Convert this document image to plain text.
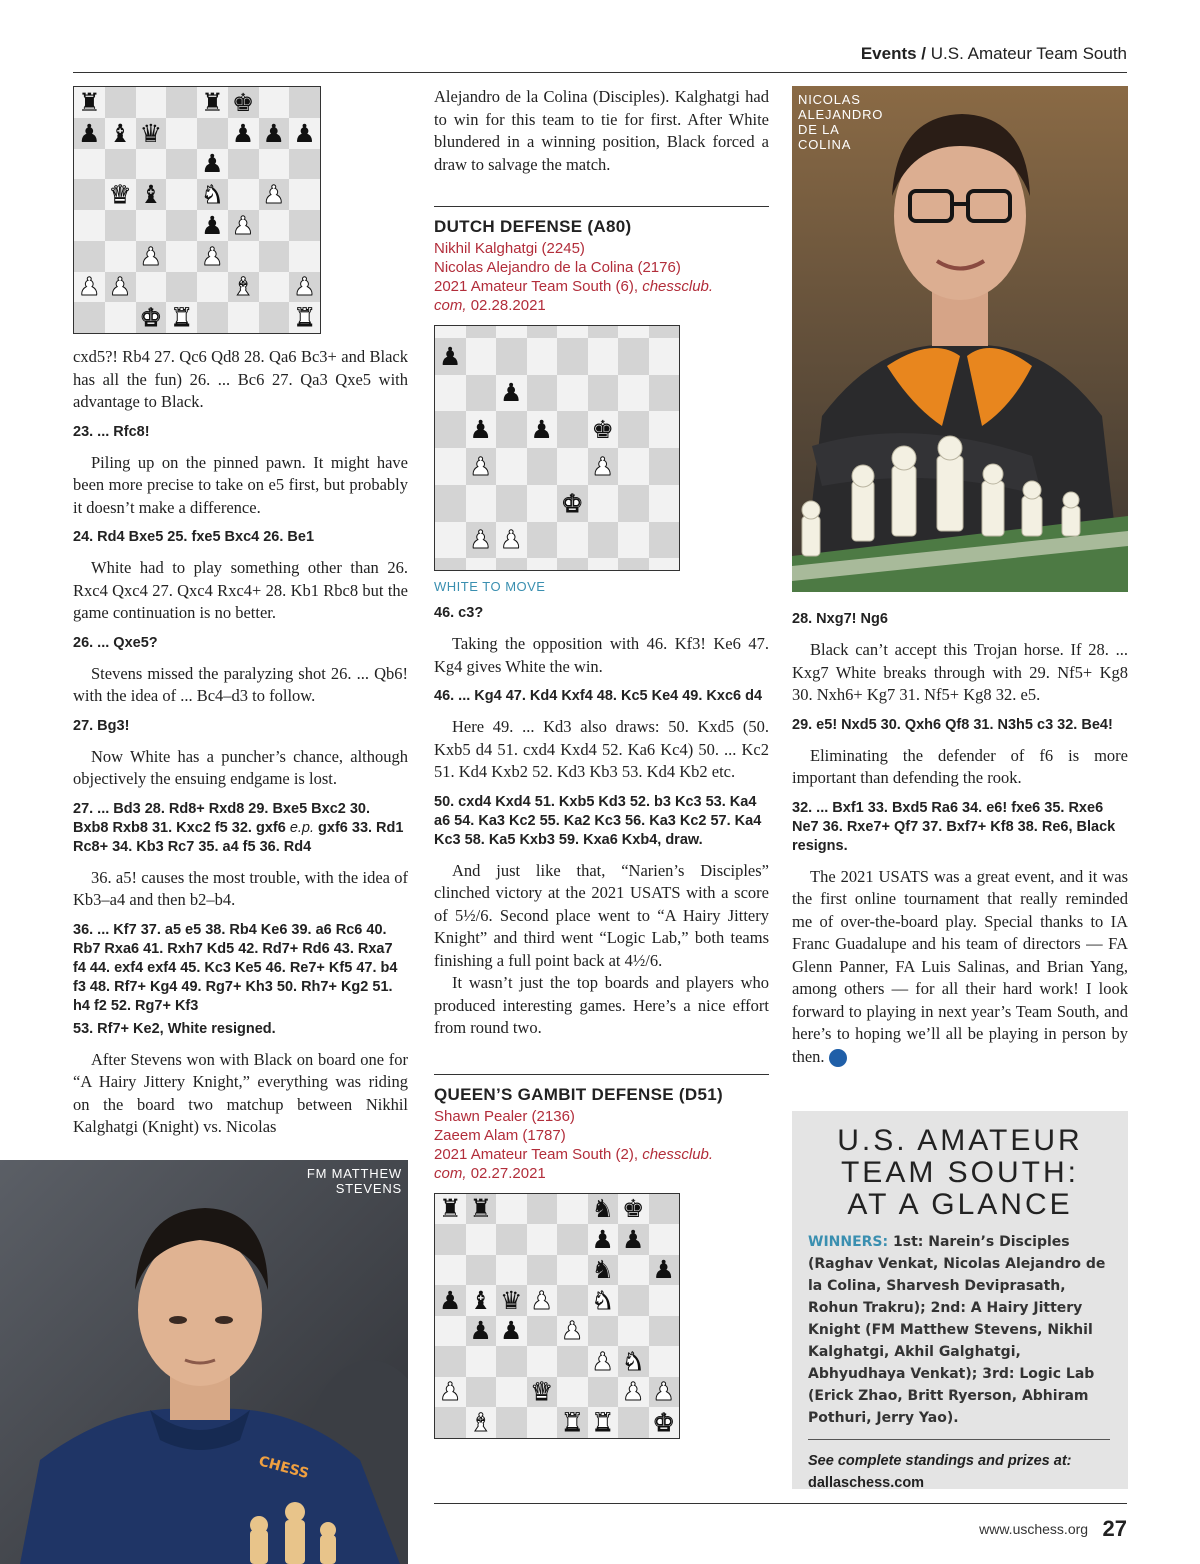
Events / U.S. Amateur Team South
♜	♜ ♚
♟ ♝ ♛	♟ ♟ ♟
♟
♛ ♝ ♞ ♟
♟ ♟
♟ ♟
♟ ♟	♝ ♟
♚ ♜	♜

cxd5?! Rb4 27. Qc6 Qd8 28. Qa6 Bc3+ and Black has all the fun) 26. ... Bc6 27. Qa3 Qxe5 with advantage to Black.

23. ... Rfc8!

Piling up on the pinned pawn. It might have been more precise to take on e5 first, but probably it doesn’t make a difference.

24. Rd4 Bxe5 25. fxe5 Bxc4 26. Be1

White had to play something other than 26. Rxc4 Qxc4 27. Qxc4 Rxc4+ 28. Kb1 Rbc8 but the game continuation is no better.

26. ... Qxe5?

Stevens missed the paralyzing shot 26. ... Qb6! with the idea of ... Bc4–d3 to follow.

27. Bg3!

Now White has a puncher’s chance, although objectively the ensuing endgame is lost.

27. ... Bd3 28. Rd8+ Rxd8 29. Bxe5 Bxc2 30. Bxb8 Rxb8 31. Kxc2 f5 32. gxf6 e.p. gxf6 33. Rd1 Rc8+ 34. Kb3 Rc7 35. a4 f5 36. Rd4

36. a5! causes the most trouble, with the idea of Kb3–a4 and then b2–b4.

36. ... Kf7 37. a5 e5 38. Rb4 Ke6 39. a6 Rc6 40. Rb7 Rxa6 41. Rxh7 Kd5 42. Rd7+ Rd6 43. Rxa7 f4 44. exf4 exf4 45. Kc3 Ke5 46. Re7+ Kf5 47. b4 f3 48. Rf7+ Kg4 49. Rg7+ Kh3 50. Rh7+ Kg2 51. h4 f2 52. Rg7+ Kf3

53. Rf7+ Ke2, White resigned.

After Stevens won with Black on board one for “A Hairy Jittery Knight,” everything was riding on the board two matchup between Nikhil Kalghatgi (Knight) vs. Nicolas

CHESS
FM MATTHEW
STEVENS

Alejandro de la Colina (Disciples). Kalghatgi had to win for this team to tie for first. After White blundered in a winning position, Black forced a draw to salvage the match.

DUTCH DEFENSE (A80)

Nikhil Kalghatgi (2245)
Nicolas Alejandro de la Colina (2176)
2021 Amateur Team South (6), chessclub.
com, 02.28.2021
♟
♟
♟ ♟ ♚
♟	♟
♚
♟ ♟
WHITE TO MOVE

46. c3?

Taking the opposition with 46. Kf3! Ke6 47. Kg4 gives White the win.

46. ... Kg4 47. Kd4 Kxf4 48. Kc5 Ke4 49. Kxc6 d4

Here 49. ... Kd3 also draws: 50. Kxd5 (50. Kxb5 d4 51. cxd4 Kxd4 52. Ka6 Kc4) 50. ... Kc2 51. Kd4 Kxb2 52. Kd3 Kb3 53. Kd4 Kb2 etc.

50. cxd4 Kxd4 51. Kxb5 Kd3 52. b3 Kc3 53. Ka4 a6 54. Ka3 Kc2 55. Ka2 Kc3 56. Ka3 Kc2 57. Ka4 Kc3 58. Ka5 Kxb3 59. Kxa6 Kxb4, draw.

And just like that, “Narien’s Disciples” clinched victory at the 2021 USATS with a score of 5½/6. Second place went to “A Hairy Jittery Knight” and third went “Logic Lab,” both teams finishing a full point back at 4½/6.

It wasn’t just the top boards and players who produced interesting games. Here’s a nice effort from round two.

QUEEN’S GAMBIT DEFENSE (D51)

Shawn Pealer (2136)
Zaeem Alam (1787)
2021 Amateur Team South (2), chessclub.
com, 02.27.2021
♜ ♜	♞ ♚
♟ ♟
♞ ♟
♟ ♝ ♛ ♟ ♞
♟ ♟ ♟
♟ ♞
♟	♛	♟ ♟
♝	♜ ♜ ♚
NICOLAS
ALEJANDRO
DE LA
COLINA

28. Nxg7! Ng6

Black can’t accept this Trojan horse. If 28. ... Kxg7 White breaks through with 29. Nf5+ Kg8 30. Nxh6+ Kg7 31. Nf5+ Kg8 32. e5.

29. e5! Nxd5 30. Qxh6 Qf8 31. N3h5 c3 32. Be4!

Eliminating the defender of f6 is more important than defending the rook.

32. ... Bxf1 33. Bxd5 Ra6 34. e6! fxe6 35. Rxe6 Ne7 36. Rxe7+ Qf7 37. Bxf7+ Kf8 38. Re6, Black resigns.

The 2021 USATS was a great event, and it was the first online tournament that really reminded me of over-the-board play. Special thanks to IA Franc Guadalupe and his team of directors — FA Glenn Panner, FA Luis Salinas, and Brian Yang, among others — for all their hard work! I look forward to playing in next year’s Team South, and here’s to hoping we’ll all be playing in person by then. i

U.S. AMATEUR
TEAM SOUTH:
AT A GLANCE
WINNERS: 1st: Narein’s Disciples (Raghav Venkat, Nicolas Alejandro de la Colina, Sharvesh Deviprasath, Rohun Trakru); 2nd: A Hairy Jittery Knight (FM Matthew Stevens, Nikhil Kalghatgi, Akhil Galghatgi, Abhyudhaya Venkat); 3rd: Logic Lab (Erick Zhao, Britt Ryerson, Abhiram Pothuri, Jerry Yao).
See complete standings and prizes at:
dallaschess.com
www.uschess.org 27
